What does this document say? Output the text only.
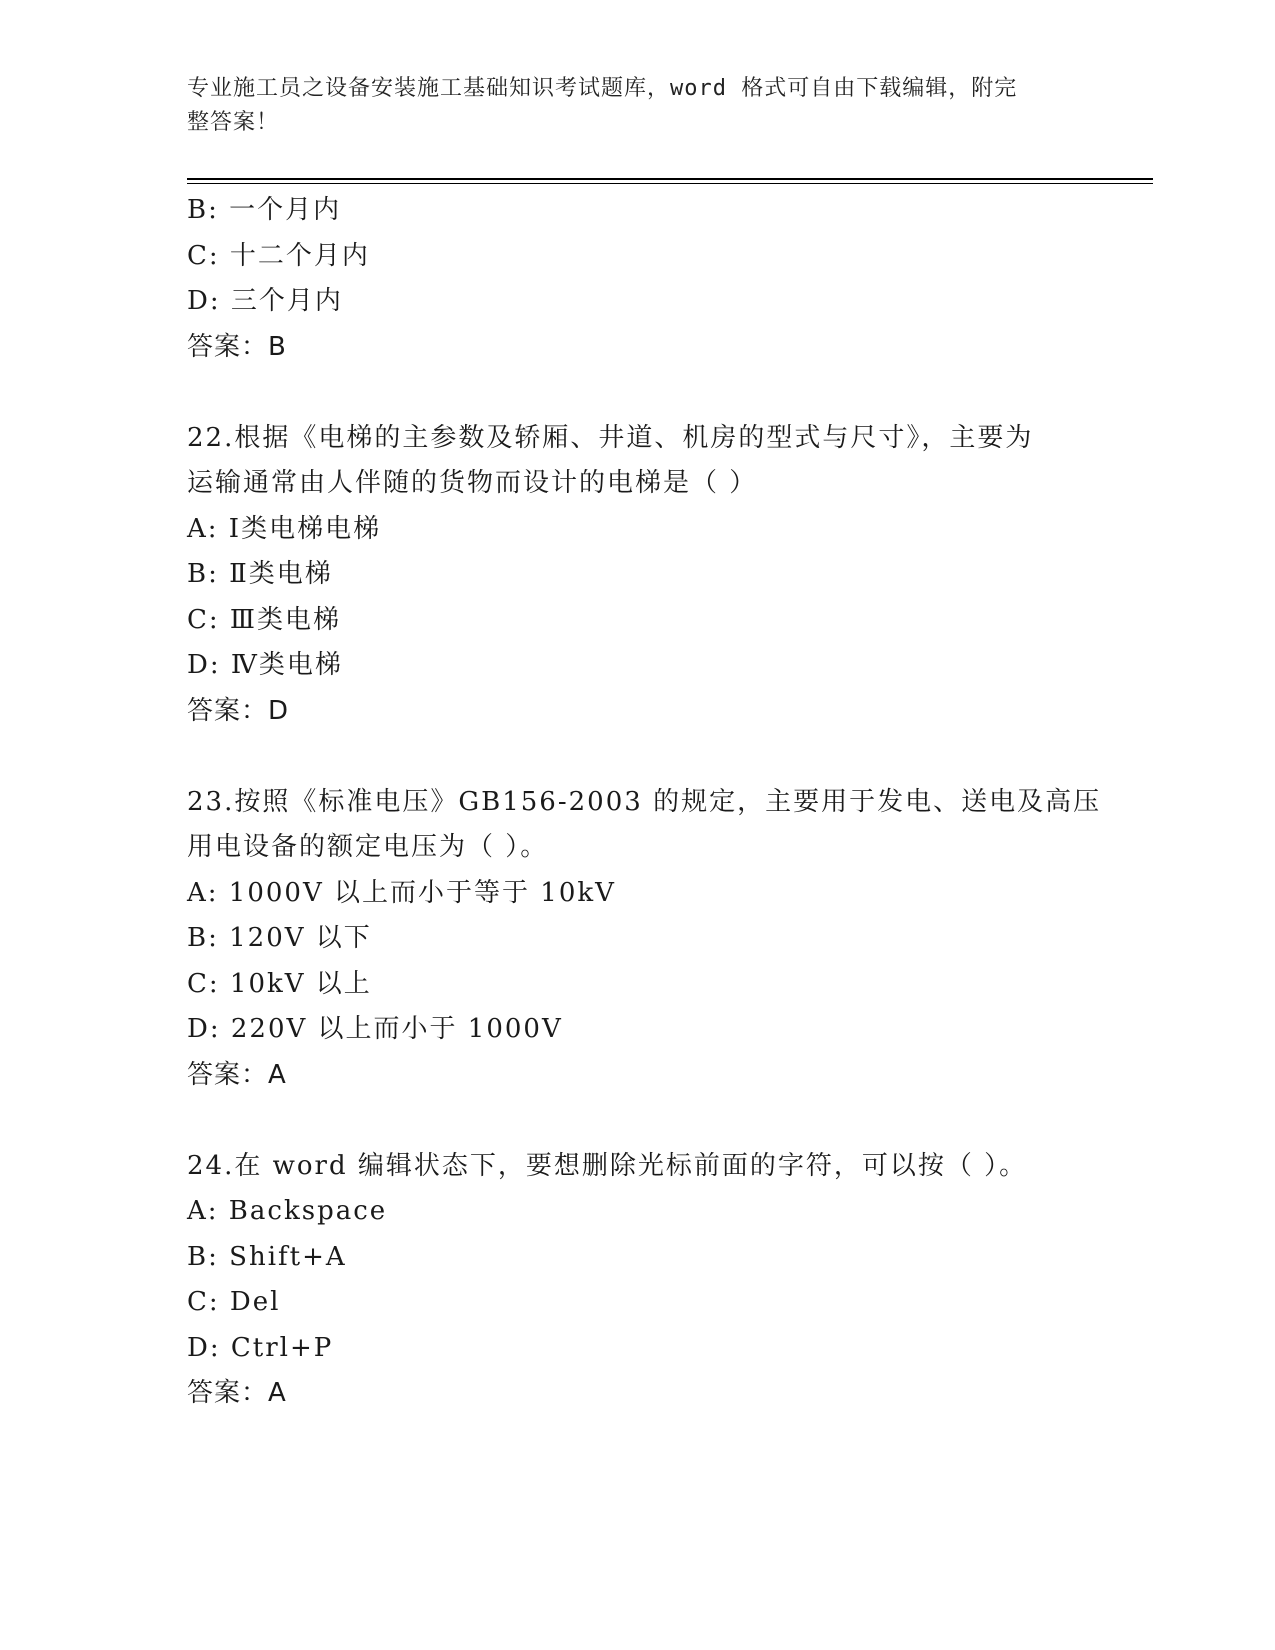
专业施工员之设备安装施工基础知识考试题库，word 格式可自由下载编辑，附完
整答案！
B: 一个月内
C: 十二个月内
D: 三个月内
答案：B
22.根据《电梯的主参数及轿厢、井道、机房的型式与尺寸》，主要为
运输通常由人伴随的货物而设计的电梯是（ ）
A: Ⅰ类电梯电梯
B: Ⅱ类电梯
C: Ⅲ类电梯
D: Ⅳ类电梯
答案：D
23.按照《标准电压》GB156-2003 的规定，主要用于发电、送电及高压
用电设备的额定电压为（ ）。
A: 1000V 以上而小于等于 10kV
B: 120V 以下
C: 10kV 以上
D: 220V 以上而小于 1000V
答案：A
24.在 word 编辑状态下，要想删除光标前面的字符，可以按（ ）。
A: Backspace
B: Shift+A
C: Del
D: Ctrl+P
答案：A
